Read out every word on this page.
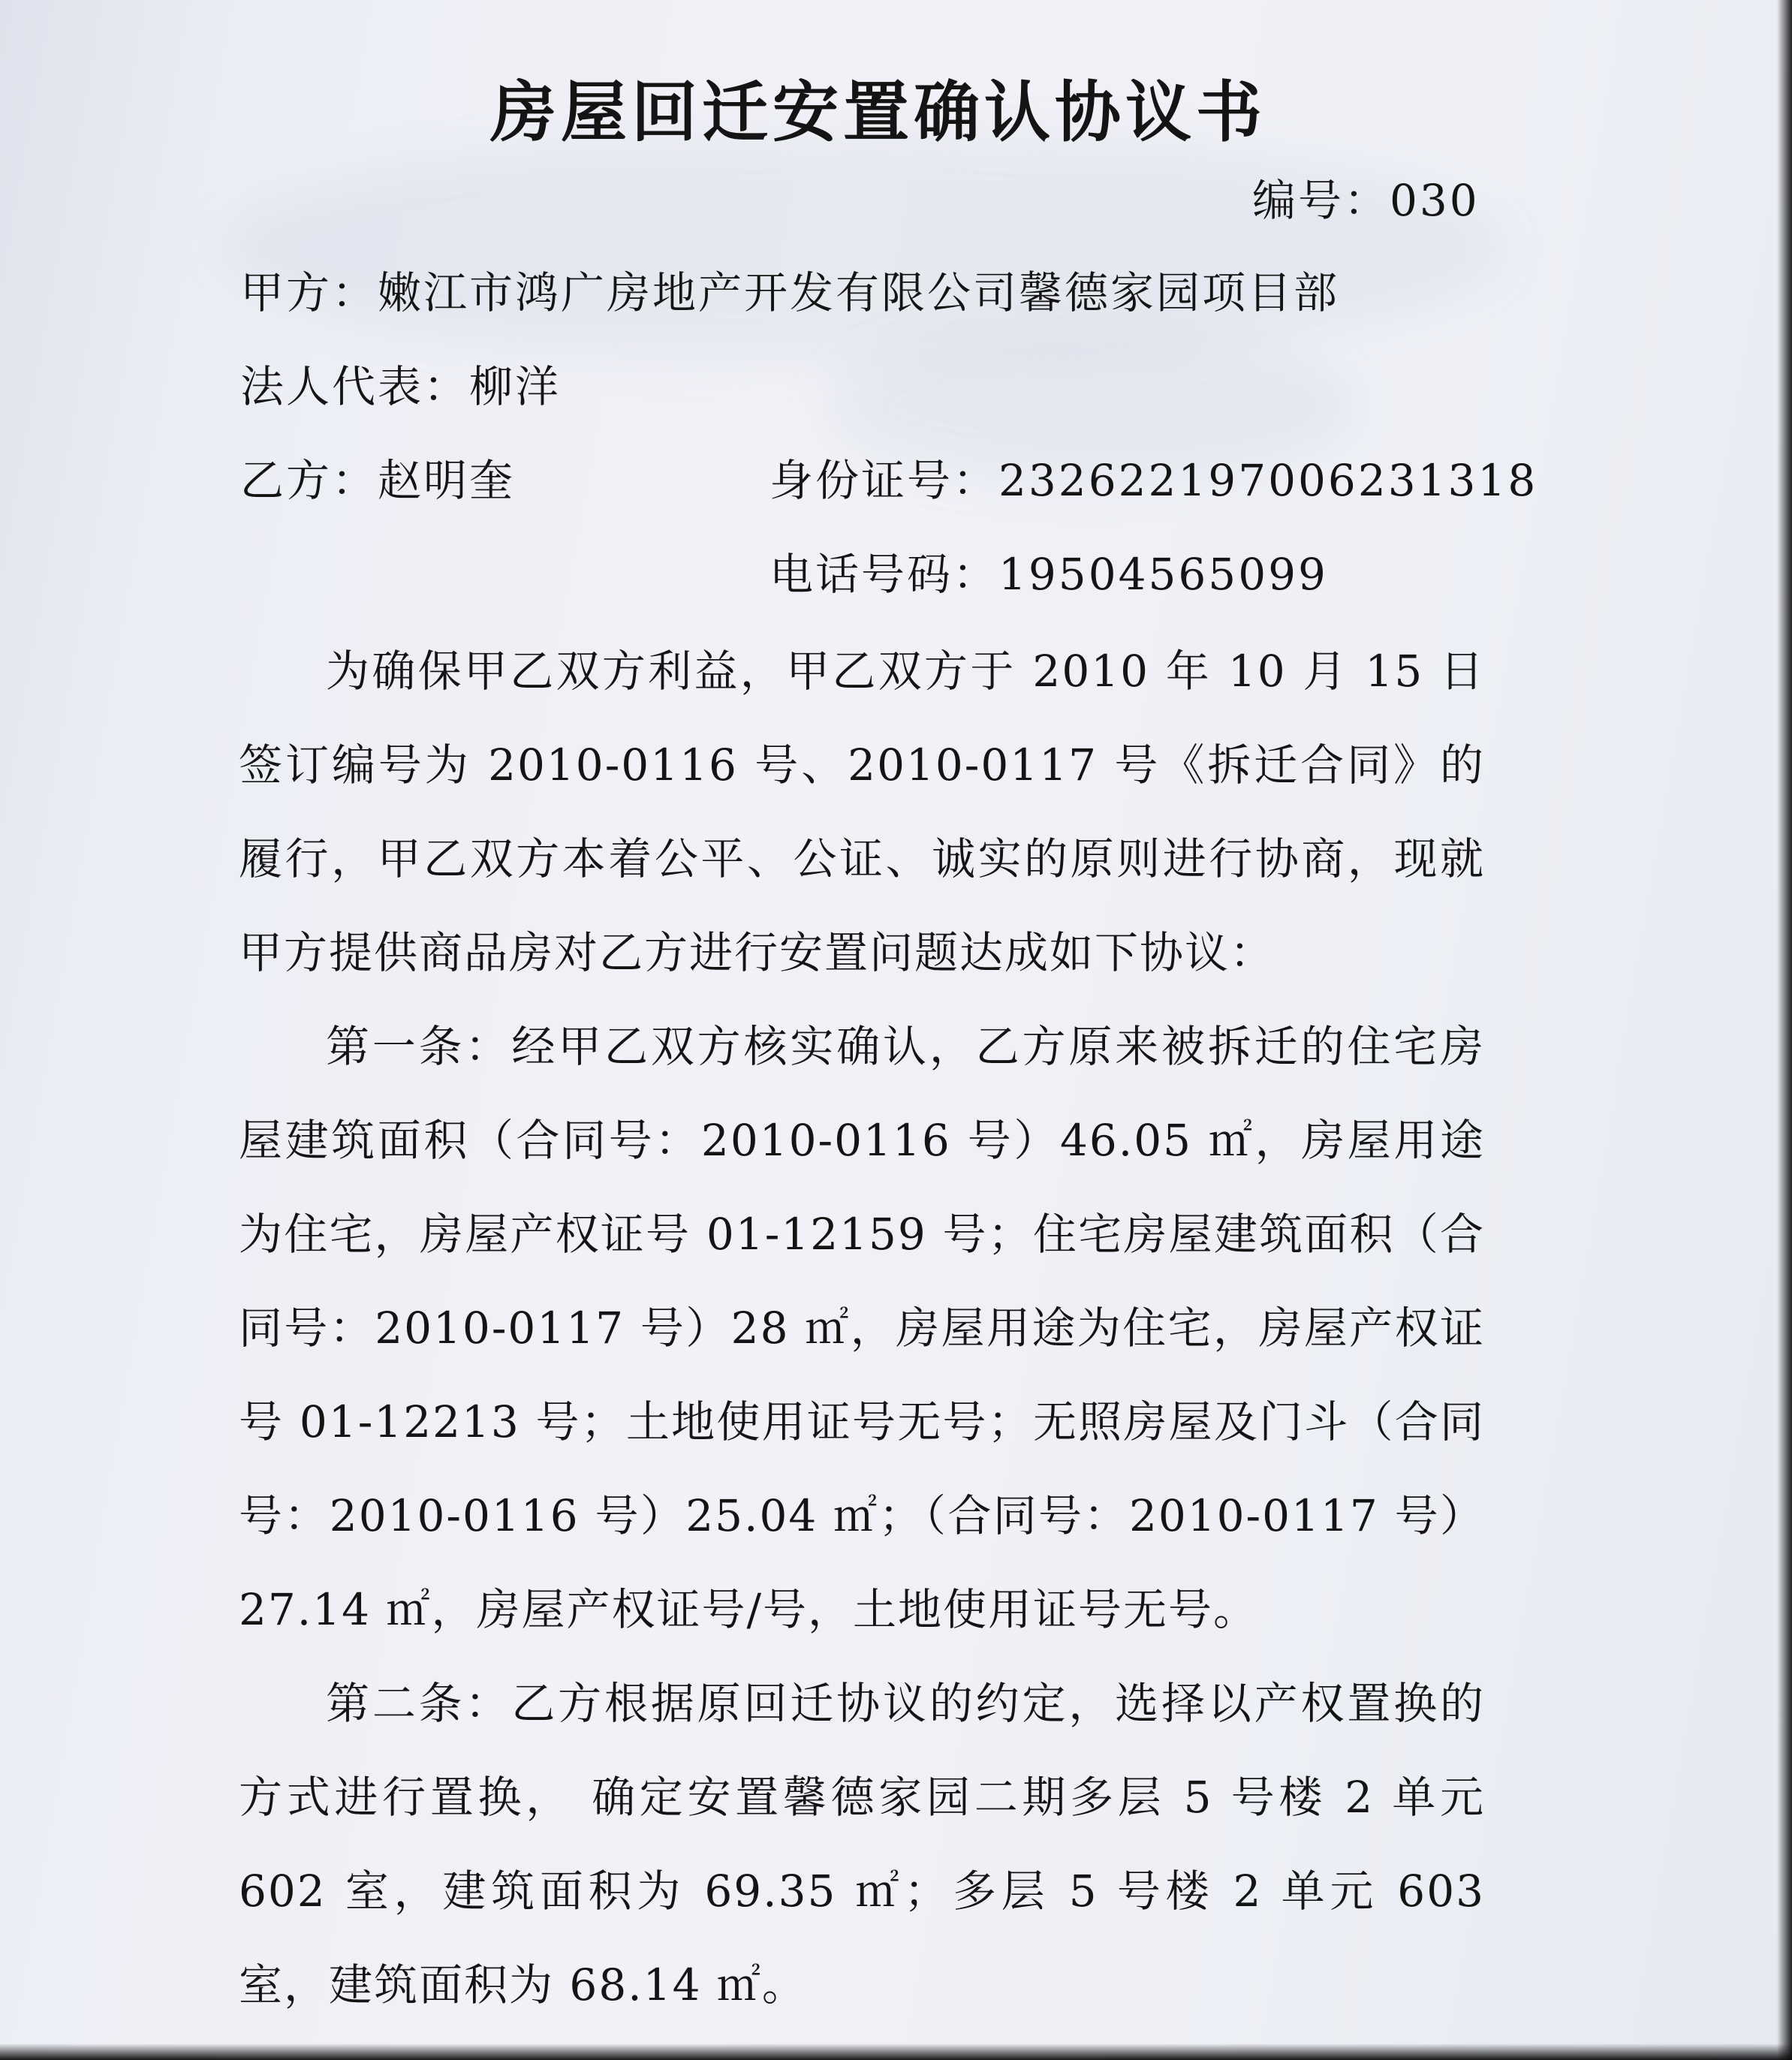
房屋回迁安置确认协议书
编号：030
甲方：嫩江市鸿广房地产开发有限公司馨德家园项目部
法人代表：柳洋
乙方：赵明奎	身份证号：232622197006231318
电话号码：19504565099

为确保甲乙双方利益，甲乙双方于 2010 年 10 月 15 日签订编号为 2010-0116 号、2010-0117 号《拆迁合同》的履行，甲乙双方本着公平、公证、诚实的原则进行协商，现就甲方提供商品房对乙方进行安置问题达成如下协议：

第一条：经甲乙双方核实确认，乙方原来被拆迁的住宅房屋建筑面积（合同号：2010-0116 号）46.05 ㎡，房屋用途为住宅，房屋产权证号 01-12159 号；住宅房屋建筑面积（合同号：2010-0117 号）28 ㎡，房屋用途为住宅，房屋产权证号 01-12213 号；土地使用证号无号；无照房屋及门斗（合同号：2010-0116 号）25.04 ㎡；（合同号：2010-0117 号）27.14 ㎡，房屋产权证号/号，土地使用证号无号。

第二条：乙方根据原回迁协议的约定，选择以产权置换的方式进行置换， 确定安置馨德家园二期多层 5 号楼 2 单元 602 室，建筑面积为 69.35 ㎡；多层 5 号楼 2 单元 603 室，建筑面积为 68.14 ㎡。
